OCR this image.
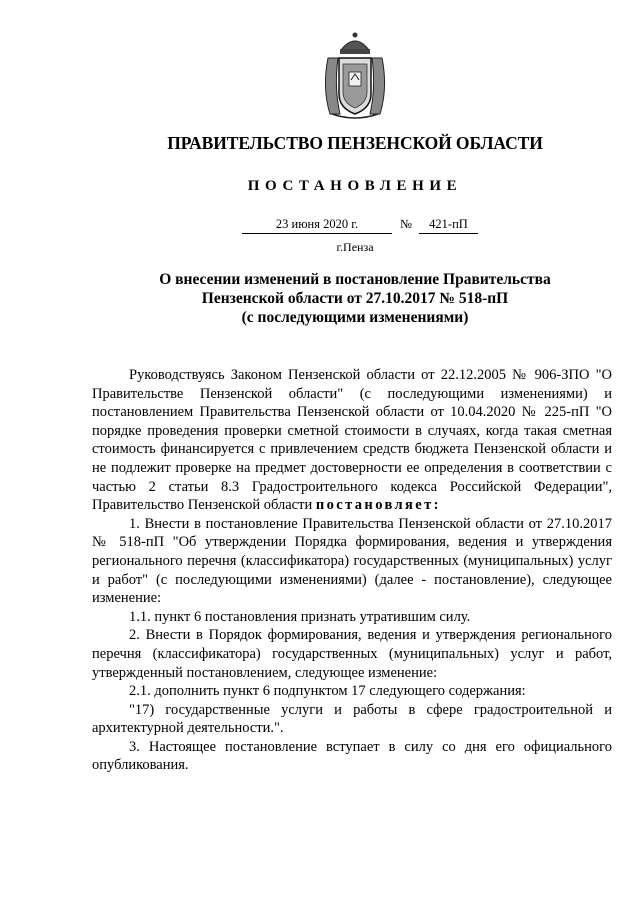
ПРАВИТЕЛЬСТВО ПЕНЗЕНСКОЙ ОБЛАСТИ
ПОСТАНОВЛЕНИЕ
23 июня 2020 г.	№	421-пП
г.Пенза
О внесении изменений в постановление Правительства
Пензенской области от 27.10.2017 № 518-пП
(с последующими изменениями)

Руководствуясь Законом Пензенской области от 22.12.2005 № 906-ЗПО "О Правительстве Пензенской области" (с последующими изменениями) и постановлением Правительства Пензенской области от 10.04.2020 № 225-пП "О порядке проведения проверки сметной стоимости в случаях, когда такая сметная стоимость финансируется с привлечением средств бюджета Пензенской области и не подлежит проверке на предмет достоверности ее определения в соответствии с частью 2 статьи 8.3 Градостроительного кодекса Российской Федерации", Правительство Пензенской области постановляет:

1. Внести в постановление Правительства Пензенской области от 27.10.2017 № 518-пП "Об утверждении Порядка формирования, ведения и утверждения регионального перечня (классификатора) государственных (муниципальных) услуг и работ" (с последующими изменениями) (далее - постановление), следующее изменение:

1.1. пункт 6 постановления признать утратившим силу.

2. Внести в Порядок формирования, ведения и утверждения регионального перечня (классификатора) государственных (муниципальных) услуг и работ, утвержденный постановлением, следующее изменение:

2.1. дополнить пункт 6 подпунктом 17 следующего содержания:

"17) государственные услуги и работы в сфере градостроительной и архитектурной деятельности.".

3. Настоящее постановление вступает в силу со дня его официального опубликования.
